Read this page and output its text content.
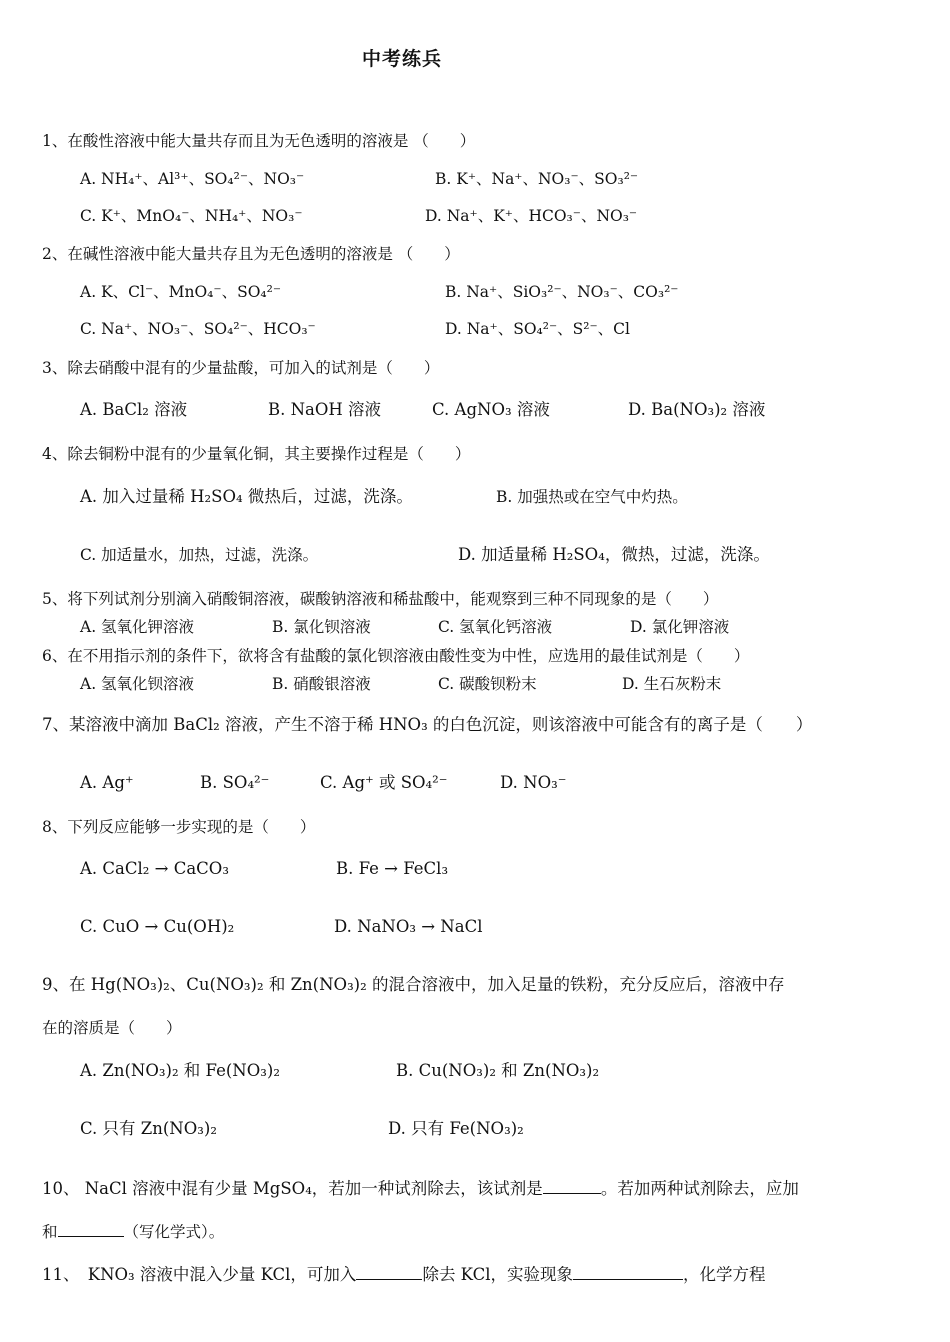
中考练兵
1、在酸性溶液中能大量共存而且为无色透明的溶液是 （　　）
A. NH₄⁺、Al³⁺、SO₄²⁻、NO₃⁻	B. K⁺、Na⁺、NO₃⁻、SO₃²⁻
C. K⁺、MnO₄⁻、NH₄⁺、NO₃⁻	D. Na⁺、K⁺、HCO₃⁻、NO₃⁻
2、在碱性溶液中能大量共存且为无色透明的溶液是 （　　）
A. K、Cl⁻、MnO₄⁻、SO₄²⁻	B. Na⁺、SiO₃²⁻、NO₃⁻、CO₃²⁻
C. Na⁺、NO₃⁻、SO₄²⁻、HCO₃⁻	D. Na⁺、SO₄²⁻、S²⁻、Cl
3、除去硝酸中混有的少量盐酸，可加入的试剂是（　　）
A. BaCl₂ 溶液	B. NaOH 溶液	C. AgNO₃ 溶液	D. Ba(NO₃)₂ 溶液
4、除去铜粉中混有的少量氧化铜，其主要操作过程是（　　）
A. 加入过量稀 H₂SO₄ 微热后，过滤，洗涤。	B. 加强热或在空气中灼热。
C. 加适量水，加热，过滤，洗涤。	D. 加适量稀 H₂SO₄，微热，过滤，洗涤。
5、将下列试剂分别滴入硝酸铜溶液，碳酸钠溶液和稀盐酸中，能观察到三种不同现象的是（　　）
A. 氢氧化钾溶液	B. 氯化钡溶液	C. 氢氧化钙溶液	D. 氯化钾溶液
6、在不用指示剂的条件下，欲将含有盐酸的氯化钡溶液由酸性变为中性，应选用的最佳试剂是（　　）
A. 氢氧化钡溶液	B. 硝酸银溶液	C. 碳酸钡粉末	D. 生石灰粉末
7、某溶液中滴加 BaCl₂ 溶液，产生不溶于稀 HNO₃ 的白色沉淀，则该溶液中可能含有的离子是（　　）
A. Ag⁺	B. SO₄²⁻	C. Ag⁺ 或 SO₄²⁻	D. NO₃⁻
8、下列反应能够一步实现的是（　　）
A. CaCl₂ → CaCO₃	B. Fe → FeCl₃
C. CuO → Cu(OH)₂	D. NaNO₃ → NaCl
9、在 Hg(NO₃)₂、Cu(NO₃)₂ 和 Zn(NO₃)₂ 的混合溶液中，加入足量的铁粉，充分反应后，溶液中存
在的溶质是（　　）
A. Zn(NO₃)₂ 和 Fe(NO₃)₂	B. Cu(NO₃)₂ 和 Zn(NO₃)₂
C. 只有 Zn(NO₃)₂	D. 只有 Fe(NO₃)₂
10、 NaCl 溶液中混有少量 MgSO₄，若加一种试剂除去，该试剂是	。若加两种试剂除去，应加
和	（写化学式）。
11、　KNO₃ 溶液中混入少量 KCl，可加入	除去 KCl，实验现象	，化学方程
